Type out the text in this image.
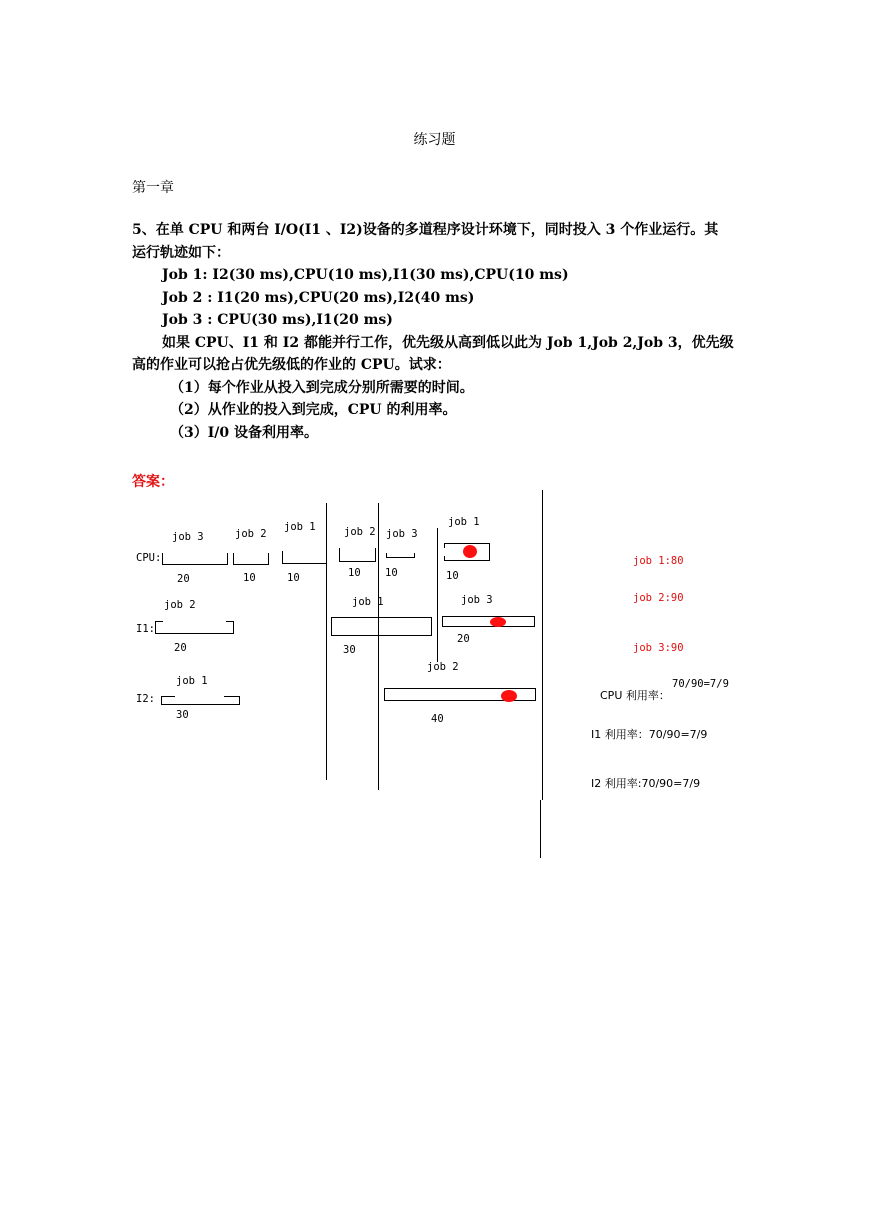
练习题
第一章

5、在单 CPU 和两台 I/O(I1 、I2)设备的多道程序设计环境下，同时投入 3 个作业运行。其

运行轨迹如下：

Job 1: I2(30 ms),CPU(10 ms),I1(30 ms),CPU(10 ms)

Job 2 : I1(20 ms),CPU(20 ms),I2(40 ms)

Job 3 : CPU(30 ms),I1(20 ms)

如果 CPU、I1 和 I2 都能并行工作，优先级从高到低以此为 Job 1,Job 2,Job 3，优先级

高的作业可以抢占优先级低的作业的 CPU。试求：

（1）每个作业从投入到完成分别所需要的时间。

（2）从作业的投入到完成，CPU 的利用率。

（3）I/0 设备利用率。

答案：
CPU:
I1:
I2:
job 3
20
job 2
10
job 1
10
job 2
10
job 3
10
job 1
10
job 2
20
job 1
30
job 3
20
job 1
30
job 2
40
job 1:80
job 2:90
job 3:90
CPU 利用率：
70/90=7/9
I1 利用率：70/90=7/9
I2 利用率:70/90=7/9
